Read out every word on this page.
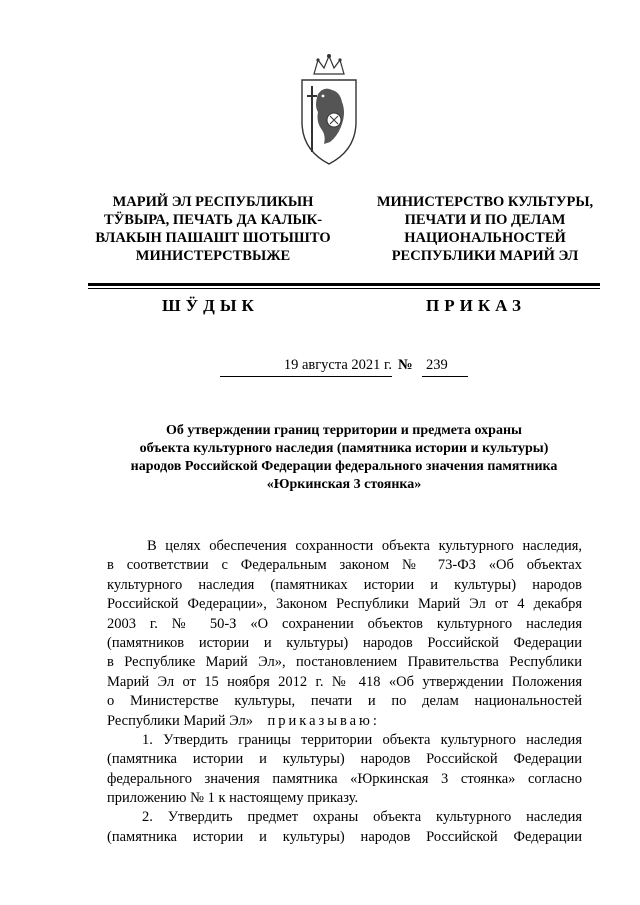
МАРИЙ ЭЛ РЕСПУБЛИКЫН
ТӰВЫРА, ПЕЧАТЬ ДА КАЛЫК-
ВЛАКЫН ПАШАШТ ШОТЫШТО
МИНИСТЕРСТВЫЖЕ
МИНИСТЕРСТВО КУЛЬТУРЫ,
ПЕЧАТИ И ПО ДЕЛАМ
НАЦИОНАЛЬНОСТЕЙ
РЕСПУБЛИКИ МАРИЙ ЭЛ
ШӰДЫК	ПРИКАЗ
19 августа 2021 г. № 239
Об утверждении границ территории и предмета охраны
объекта культурного наследия (памятника истории и культуры)
народов Российской Федерации федерального значения памятника
«Юркинская 3 стоянка»
В целях обеспечения сохранности объекта культурного наследия,
в соответствии с Федеральным законом № 73-ФЗ «Об объектах
культурного наследия (памятниках истории и культуры) народов
Российской Федерации», Законом Республики Марий Эл от 4 декабря
2003 г. № 50-З «О сохранении объектов культурного наследия
(памятников истории и культуры) народов Российской Федерации
в Республике Марий Эл», постановлением Правительства Республики
Марий Эл от 15 ноября 2012 г. № 418 «Об утверждении Положения
о Министерстве культуры, печати и по делам национальностей
Республики Марий Эл» приказываю:
1. Утвердить границы территории объекта культурного наследия
(памятника истории и культуры) народов Российской Федерации
федерального значения памятника «Юркинская 3 стоянка» согласно
приложению № 1 к настоящему приказу.
2. Утвердить предмет охраны объекта культурного наследия
(памятника истории и культуры) народов Российской Федерации
